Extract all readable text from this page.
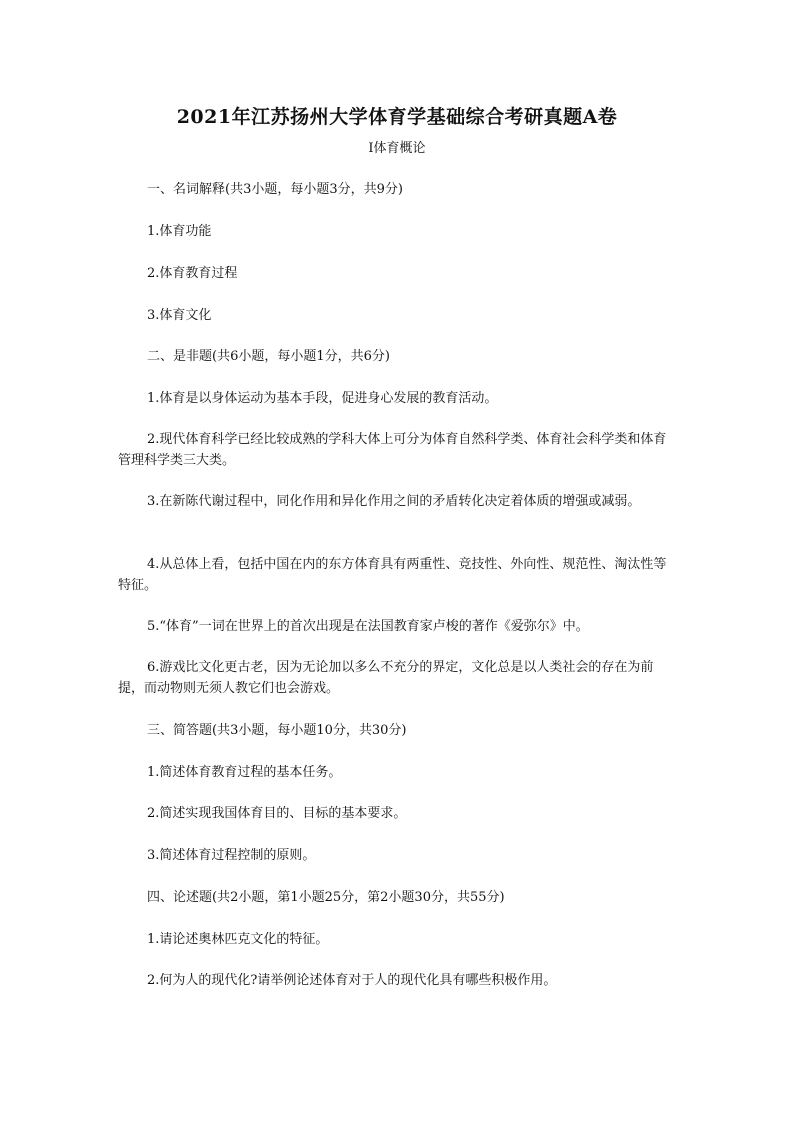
2021年江苏扬州大学体育学基础综合考研真题A卷
I体育概论
一、名词解释(共3小题，每小题3分，共9分)
1.体育功能
2.体育教育过程
3.体育文化
二、是非题(共6小题，每小题1分，共6分)
1.体育是以身体运动为基本手段，促进身心发展的教育活动。
2.现代体育科学已经比较成熟的学科大体上可分为体育自然科学类、体育社会科学类和体育管理科学类三大类。
3.在新陈代谢过程中，同化作用和异化作用之间的矛盾转化决定着体质的增强或减弱。
4.从总体上看，包括中国在内的东方体育具有两重性、竞技性、外向性、规范性、淘汰性等特征。
5.“体育”一词在世界上的首次出现是在法国教育家卢梭的著作《爱弥尔》中。
6.游戏比文化更古老，因为无论加以多么不充分的界定，文化总是以人类社会的存在为前提，而动物则无须人教它们也会游戏。
三、简答题(共3小题，每小题10分，共30分)
1.简述体育教育过程的基本任务。
2.简述实现我国体育目的、目标的基本要求。
3.简述体育过程控制的原则。
四、论述题(共2小题，第1小题25分，第2小题30分，共55分)
1.请论述奥林匹克文化的特征。
2.何为人的现代化?请举例论述体育对于人的现代化具有哪些积极作用。
